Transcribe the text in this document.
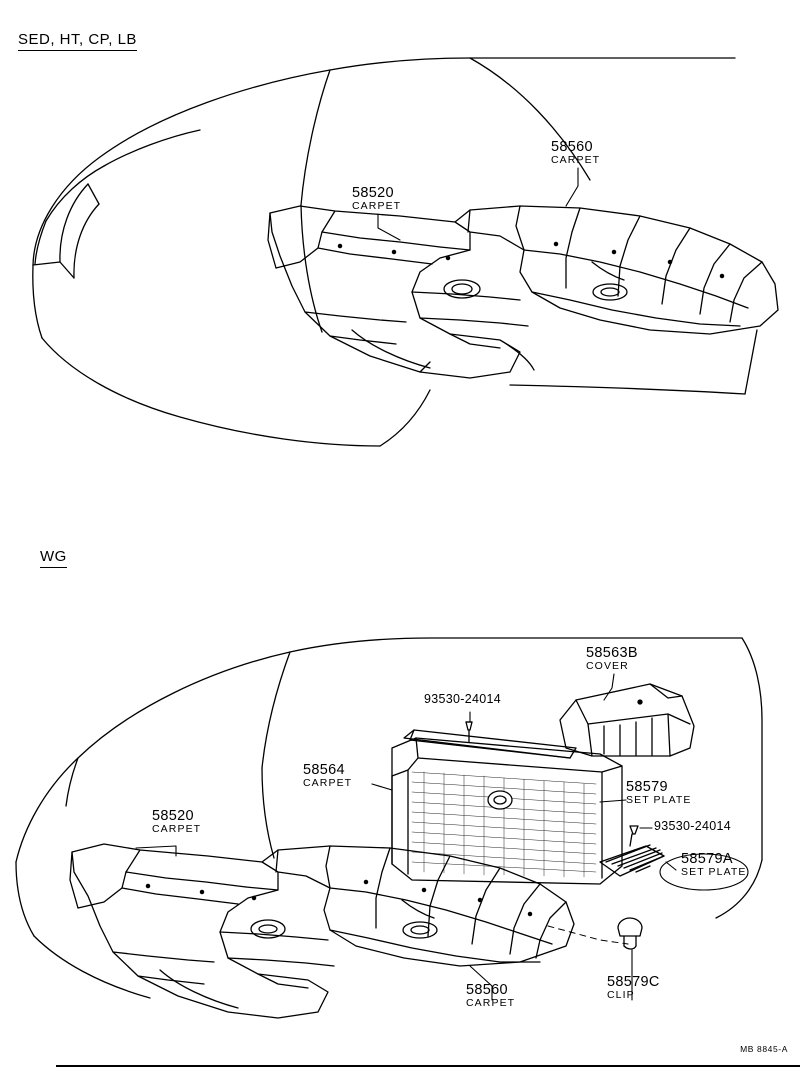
SED, HT, CP, LB
WG
58520
CARPET
58560
CARPET
58563B
COVER
93530-24014
58564
CARPET	58579
SET PLATE
93530-24014
58579A
SET PLATE
58520
CARPET
58560
CARPET
58579C
CLIP
MB 8845-A
